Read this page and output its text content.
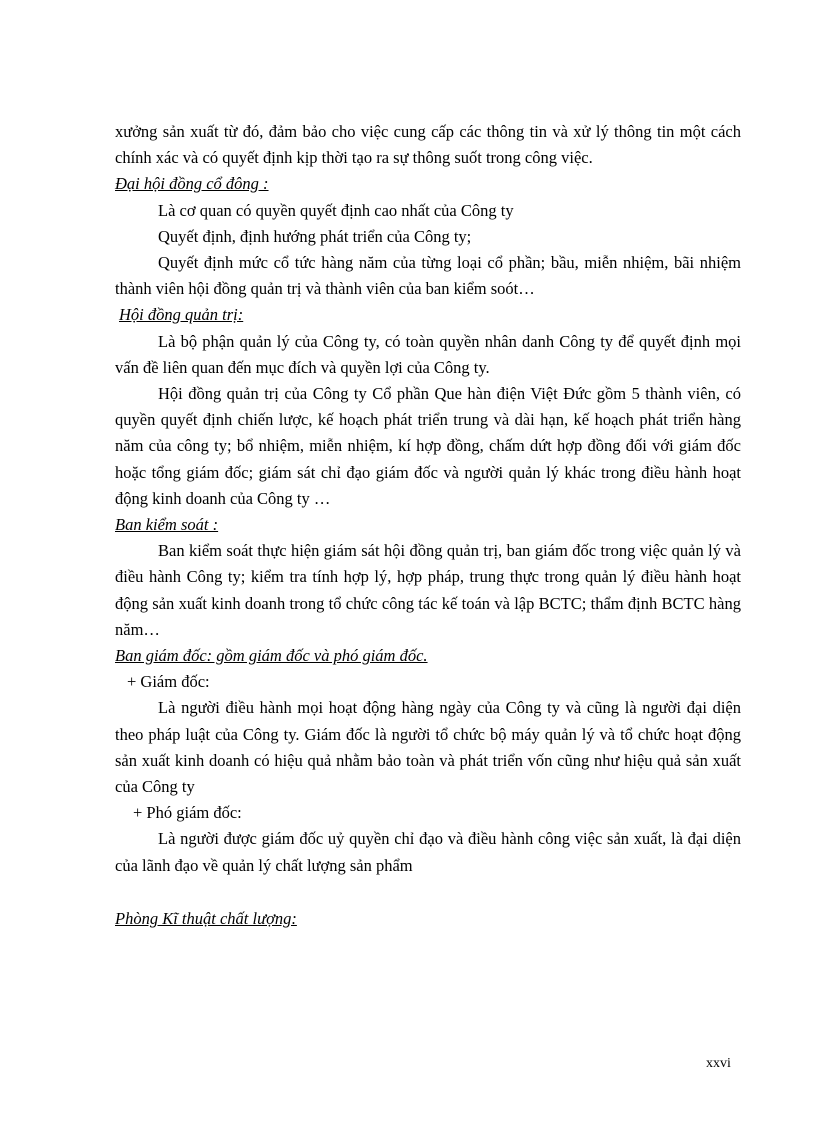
xưởng sản xuất từ đó, đảm bảo cho việc cung cấp các thông tin và xử lý thông tin một cách chính xác và có quyết định kịp thời tạo ra sự thông suốt trong công việc.

Đại hội đồng cổ đông :

Là cơ quan có quyền quyết định cao nhất của Công ty

Quyết định, định hướng phát triển của Công ty;

Quyết định mức cổ tức hàng năm của từng loại cổ phần; bầu, miễn nhiệm, bãi nhiệm thành viên hội đồng quản trị và thành viên của ban kiểm soót…

Hội đồng quản trị:

Là bộ phận quản lý của Công ty, có toàn quyền nhân danh Công ty để quyết định mọi vấn đề liên quan đến mục đích và quyền lợi của Công ty.

Hội đồng quản trị của Công ty Cổ phần Que hàn điện Việt Đức gồm 5 thành viên, có quyền quyết định chiến lược, kế hoạch phát triển trung và dài hạn, kế hoạch phát triển hàng năm của công ty; bổ nhiệm, miễn nhiệm, kí hợp đồng, chấm dứt hợp đồng đối với giám đốc hoặc tổng giám đốc; giám sát chỉ đạo giám đốc và người quản lý khác trong điều hành hoạt động kinh doanh của Công ty …

Ban kiểm soát :

Ban kiểm soát thực hiện giám sát hội đồng quản trị, ban giám đốc trong việc quản lý và điều hành Công ty; kiểm tra tính hợp lý, hợp pháp, trung thực trong quản lý điều hành hoạt động sản xuất kinh doanh trong tổ chức công tác kế toán và lập BCTC; thẩm định BCTC hàng năm…

Ban giám đốc: gồm giám đốc và phó giám đốc.

+ Giám đốc:

Là người điều hành mọi hoạt động hàng ngày của Công ty và cũng là người đại diện theo pháp luật của Công ty. Giám đốc là người tổ chức bộ máy quản lý và tổ chức hoạt động sản xuất kinh doanh có hiệu quả nhằm bảo toàn và phát triển vốn cũng như hiệu quả sản xuất của Công ty

+ Phó giám đốc:

Là người được giám đốc uỷ quyền chỉ đạo và điều hành công việc sản xuất, là đại diện của lãnh đạo về quản lý chất lượng sản phẩm

Phòng Kĩ thuật chất lượng:

xxvi
